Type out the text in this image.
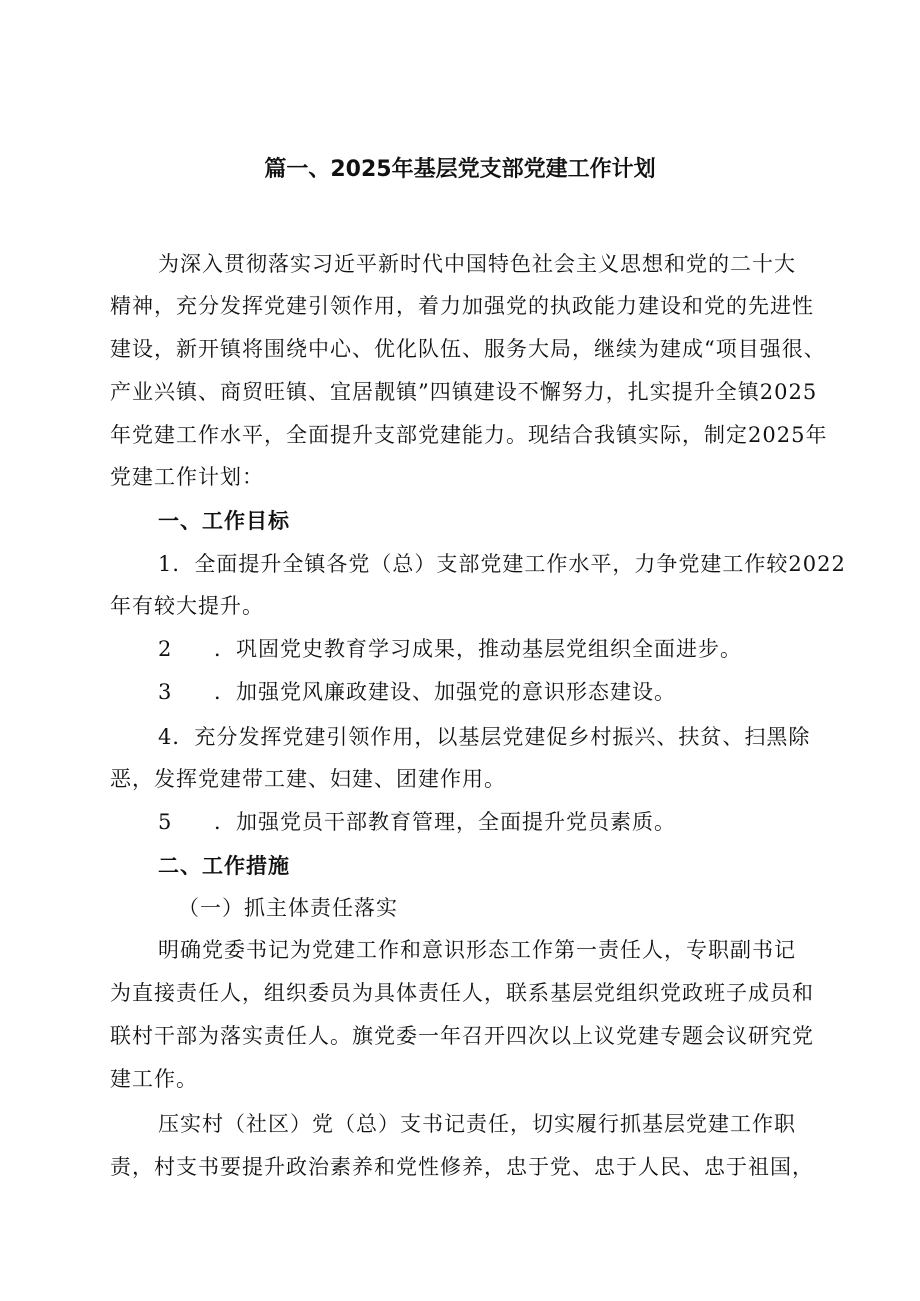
篇一、2025年基层党支部党建工作计划
为深入贯彻落实习近平新时代中国特色社会主义思想和党的二十大
精神，充分发挥党建引领作用，着力加强党的执政能力建设和党的先进性
建设，新开镇将围绕中心、优化队伍、服务大局，继续为建成“项目强很、
产业兴镇、商贸旺镇、宜居靓镇”四镇建设不懈努力，扎实提升全镇2025
年党建工作水平，全面提升支部党建能力。现结合我镇实际，制定2025年
党建工作计划：
一、工作目标
1．全面提升全镇各党（总）支部党建工作水平，力争党建工作较2022
年有较大提升。
2 ．巩固党史教育学习成果，推动基层党组织全面进步。
3 ．加强党风廉政建设、加强党的意识形态建设。
4．充分发挥党建引领作用，以基层党建促乡村振兴、扶贫、扫黑除
恶，发挥党建带工建、妇建、团建作用。
5 ．加强党员干部教育管理，全面提升党员素质。
二、工作措施
（一）抓主体责任落实
明确党委书记为党建工作和意识形态工作第一责任人，专职副书记
为直接责任人，组织委员为具体责任人，联系基层党组织党政班子成员和
联村干部为落实责任人。旗党委一年召开四次以上议党建专题会议研究党
建工作。
压实村（社区）党（总）支书记责任，切实履行抓基层党建工作职
责，村支书要提升政治素养和党性修养，忠于党、忠于人民、忠于祖国，
